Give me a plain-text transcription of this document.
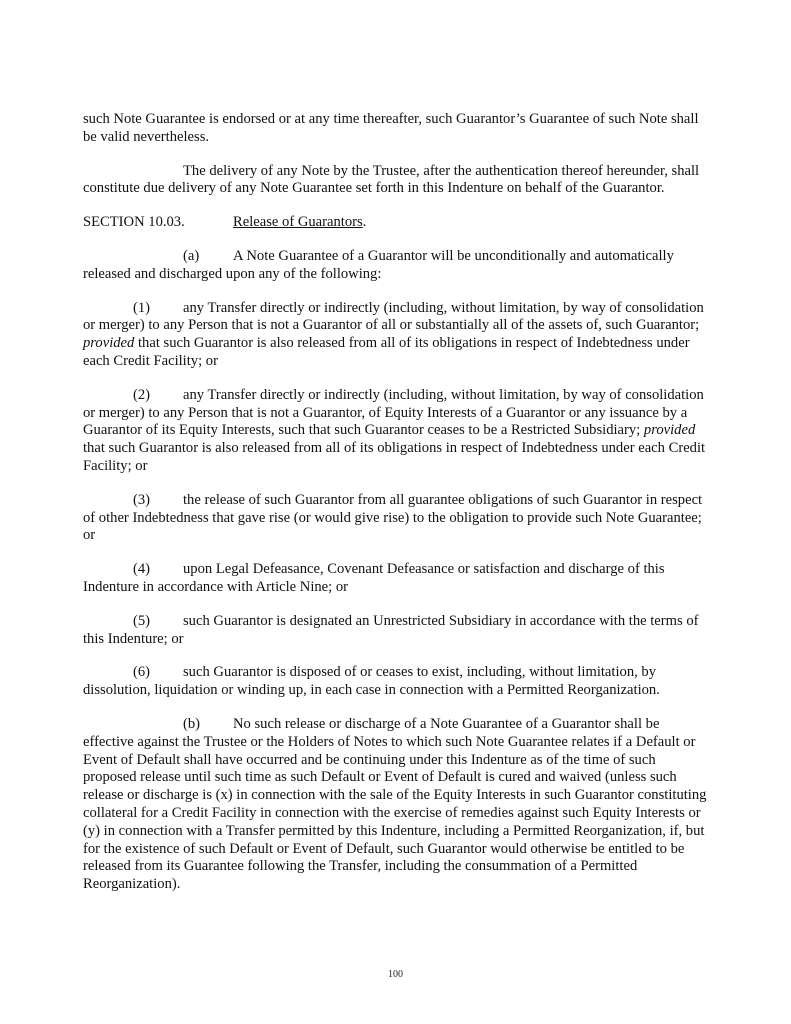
such Note Guarantee is endorsed or at any time thereafter, such Guarantor’s Guarantee of such Note shall be valid nevertheless.

The delivery of any Note by the Trustee, after the authentication thereof hereunder, shall constitute due delivery of any Note Guarantee set forth in this Indenture on behalf of the Guarantor.

SECTION 10.03.	Release of Guarantors.

(a) A Note Guarantee of a Guarantor will be unconditionally and automatically released and discharged upon any of the following:

(1) any Transfer directly or indirectly (including, without limitation, by way of consolidation or merger) to any Person that is not a Guarantor of all or substantially all of the assets of, such Guarantor; provided that such Guarantor is also released from all of its obligations in respect of Indebtedness under each Credit Facility; or

(2) any Transfer directly or indirectly (including, without limitation, by way of consolidation or merger) to any Person that is not a Guarantor, of Equity Interests of a Guarantor or any issuance by a Guarantor of its Equity Interests, such that such Guarantor ceases to be a Restricted Subsidiary; provided that such Guarantor is also released from all of its obligations in respect of Indebtedness under each Credit Facility; or

(3) the release of such Guarantor from all guarantee obligations of such Guarantor in respect of other Indebtedness that gave rise (or would give rise) to the obligation to provide such Note Guarantee; or

(4) upon Legal Defeasance, Covenant Defeasance or satisfaction and discharge of this Indenture in accordance with Article Nine; or

(5) such Guarantor is designated an Unrestricted Subsidiary in accordance with the terms of this Indenture; or

(6) such Guarantor is disposed of or ceases to exist, including, without limitation, by dissolution, liquidation or winding up, in each case in connection with a Permitted Reorganization.

(b) No such release or discharge of a Note Guarantee of a Guarantor shall be effective against the Trustee or the Holders of Notes to which such Note Guarantee relates if a Default or Event of Default shall have occurred and be continuing under this Indenture as of the time of such proposed release until such time as such Default or Event of Default is cured and waived (unless such release or discharge is (x) in connection with the sale of the Equity Interests in such Guarantor constituting collateral for a Credit Facility in connection with the exercise of remedies against such Equity Interests or (y) in connection with a Transfer permitted by this Indenture, including a Permitted Reorganization, if, but for the existence of such Default or Event of Default, such Guarantor would otherwise be entitled to be released from its Guarantee following the Transfer, including the consummation of a Permitted Reorganization).

100
